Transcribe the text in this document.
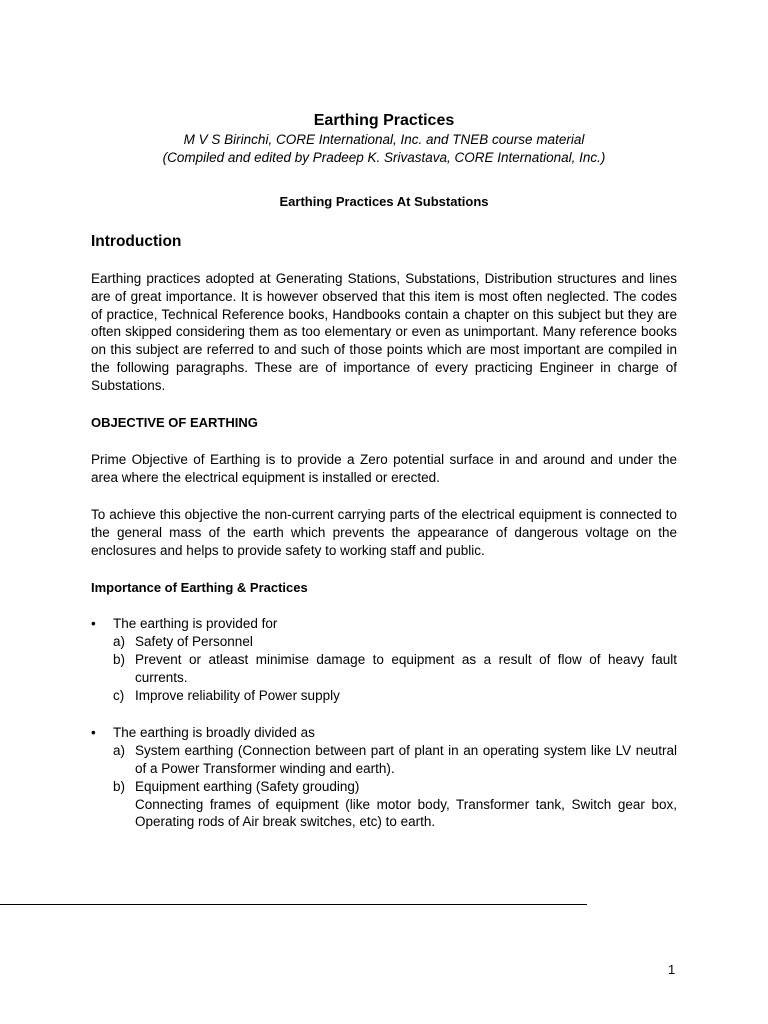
Earthing Practices
M V S Birinchi, CORE International, Inc. and TNEB course material
(Compiled and edited by Pradeep K. Srivastava, CORE International, Inc.)
Earthing Practices At Substations
Introduction

Earthing practices adopted at Generating Stations, Substations, Distribution structures and lines are of great importance. It is however observed that this item is most often neglected. The codes of practice, Technical Reference books, Handbooks contain a chapter on this subject but they are often skipped considering them as too elementary or even as unimportant. Many reference books on this subject are referred to and such of those points which are most important are compiled in the following paragraphs. These are of importance of every practicing Engineer in charge of Substations.

OBJECTIVE OF EARTHING

Prime Objective of Earthing is to provide a Zero potential surface in and around and under the area where the electrical equipment is installed or erected.

To achieve this objective the non-current carrying parts of the electrical equipment is connected to the general mass of the earth which prevents the appearance of dangerous voltage on the enclosures and helps to provide safety to working staff and public.

Importance of Earthing & Practices
•	The earthing is provided for
a) Safety of Personnel
b) Prevent or atleast minimise damage to equipment as a result of flow of heavy fault currents.
c) Improve reliability of Power supply
•	The earthing is broadly divided as
a) System earthing (Connection between part of plant in an operating system like LV neutral of a Power Transformer winding and earth).
b) Equipment earthing (Safety grouding)
Connecting frames of equipment (like motor body, Transformer tank, Switch gear box, Operating rods of Air break switches, etc) to earth.
1
